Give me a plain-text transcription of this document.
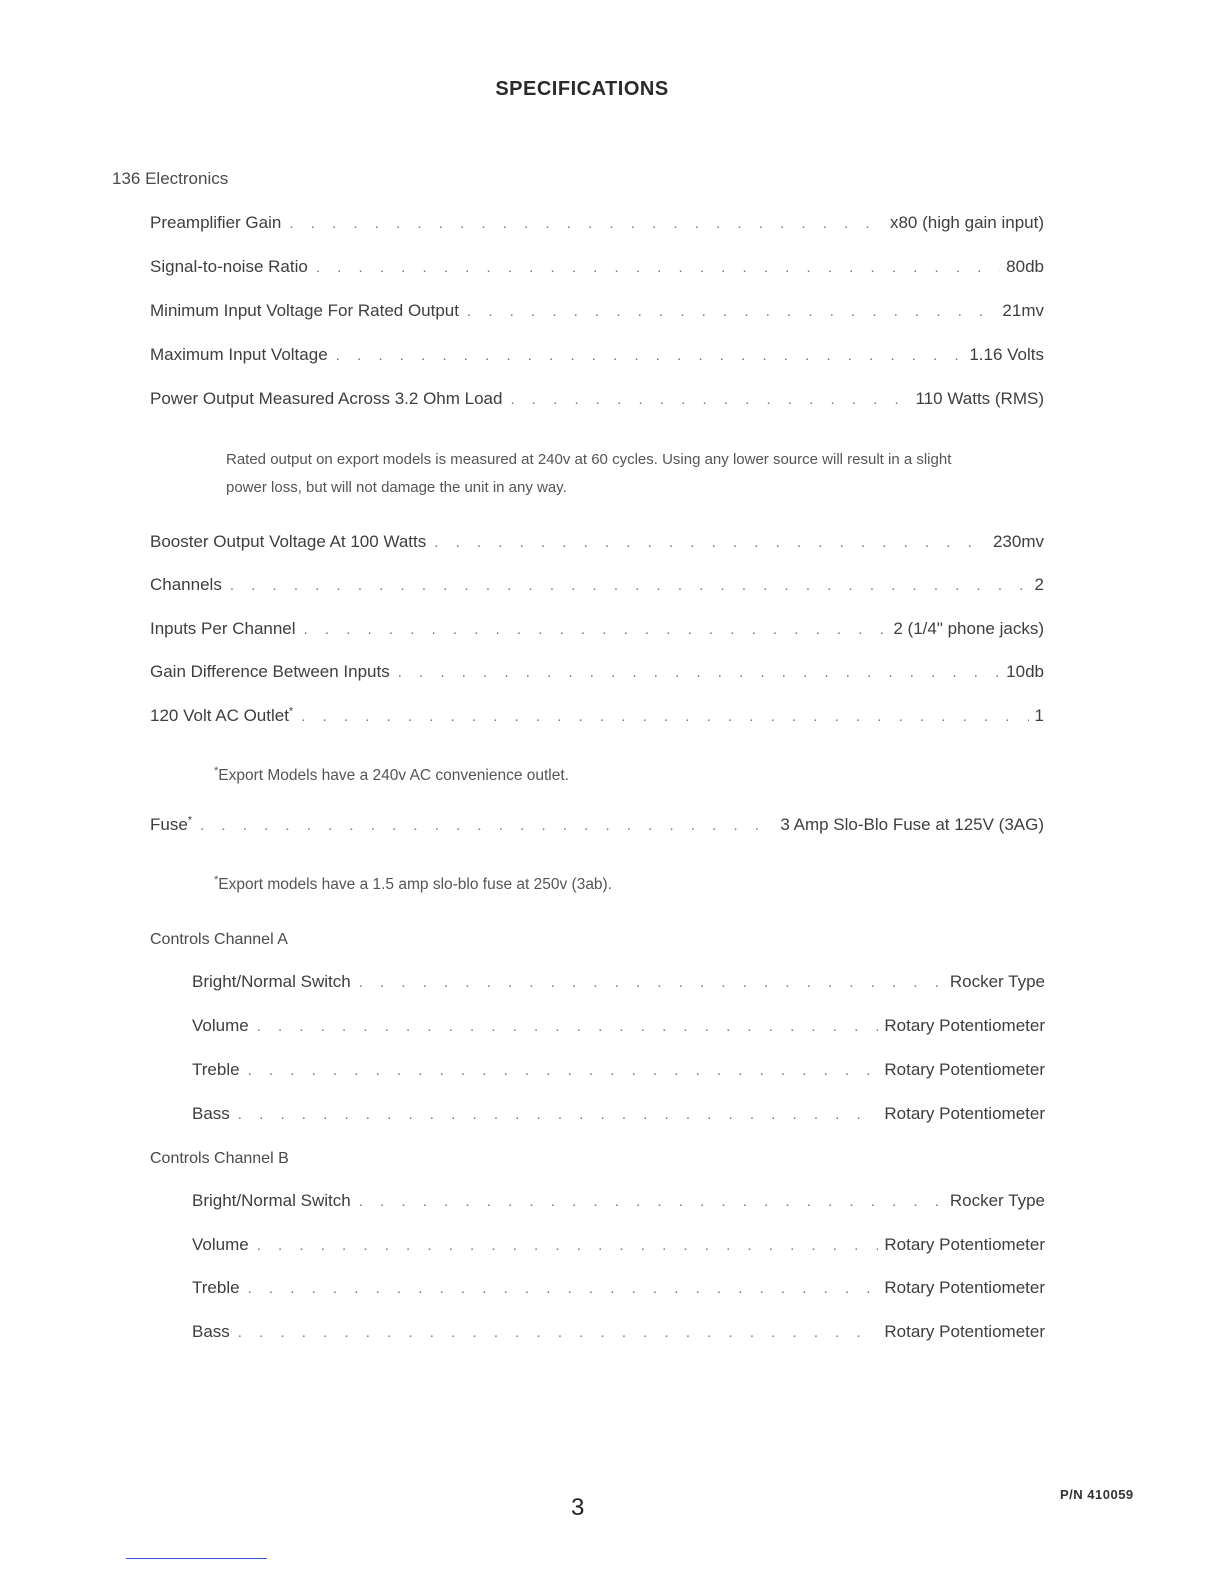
SPECIFICATIONS
136 Electronics
Preamplifier Gain . . .	x80 (high gain input)
Signal-to-noise Ratio . . .	80db
Minimum Input Voltage For Rated Output . . .	21mv
Maximum Input Voltage . . .	1.16 Volts
Power Output Measured Across 3.2 Ohm Load . . .	110 Watts (RMS)
Rated output on export models is measured at 240v at 60 cycles. Using any lower source will result in a slight power loss, but will not damage the unit in any way.
Booster Output Voltage At 100 Watts . . .	230mv
Channels . . .	2
Inputs Per Channel . . .	2 (1/4" phone jacks)
Gain Difference Between Inputs . . .	10db
120 Volt AC Outlet* . . .	1
*Export Models have a 240v AC convenience outlet.
Fuse* . . .	3 Amp Slo-Blo Fuse at 125V (3AG)
*Export models have a 1.5 amp slo-blo fuse at 250v (3ab).
Controls Channel A
Bright/Normal Switch . . .	Rocker Type
Volume . . .	Rotary Potentiometer
Treble . . .	Rotary Potentiometer
Bass . . .	Rotary Potentiometer
Controls Channel B
Bright/Normal Switch . . .	Rocker Type
Volume . . .	Rotary Potentiometer
Treble . . .	Rotary Potentiometer
Bass . . .	Rotary Potentiometer
3	P/N 410059
